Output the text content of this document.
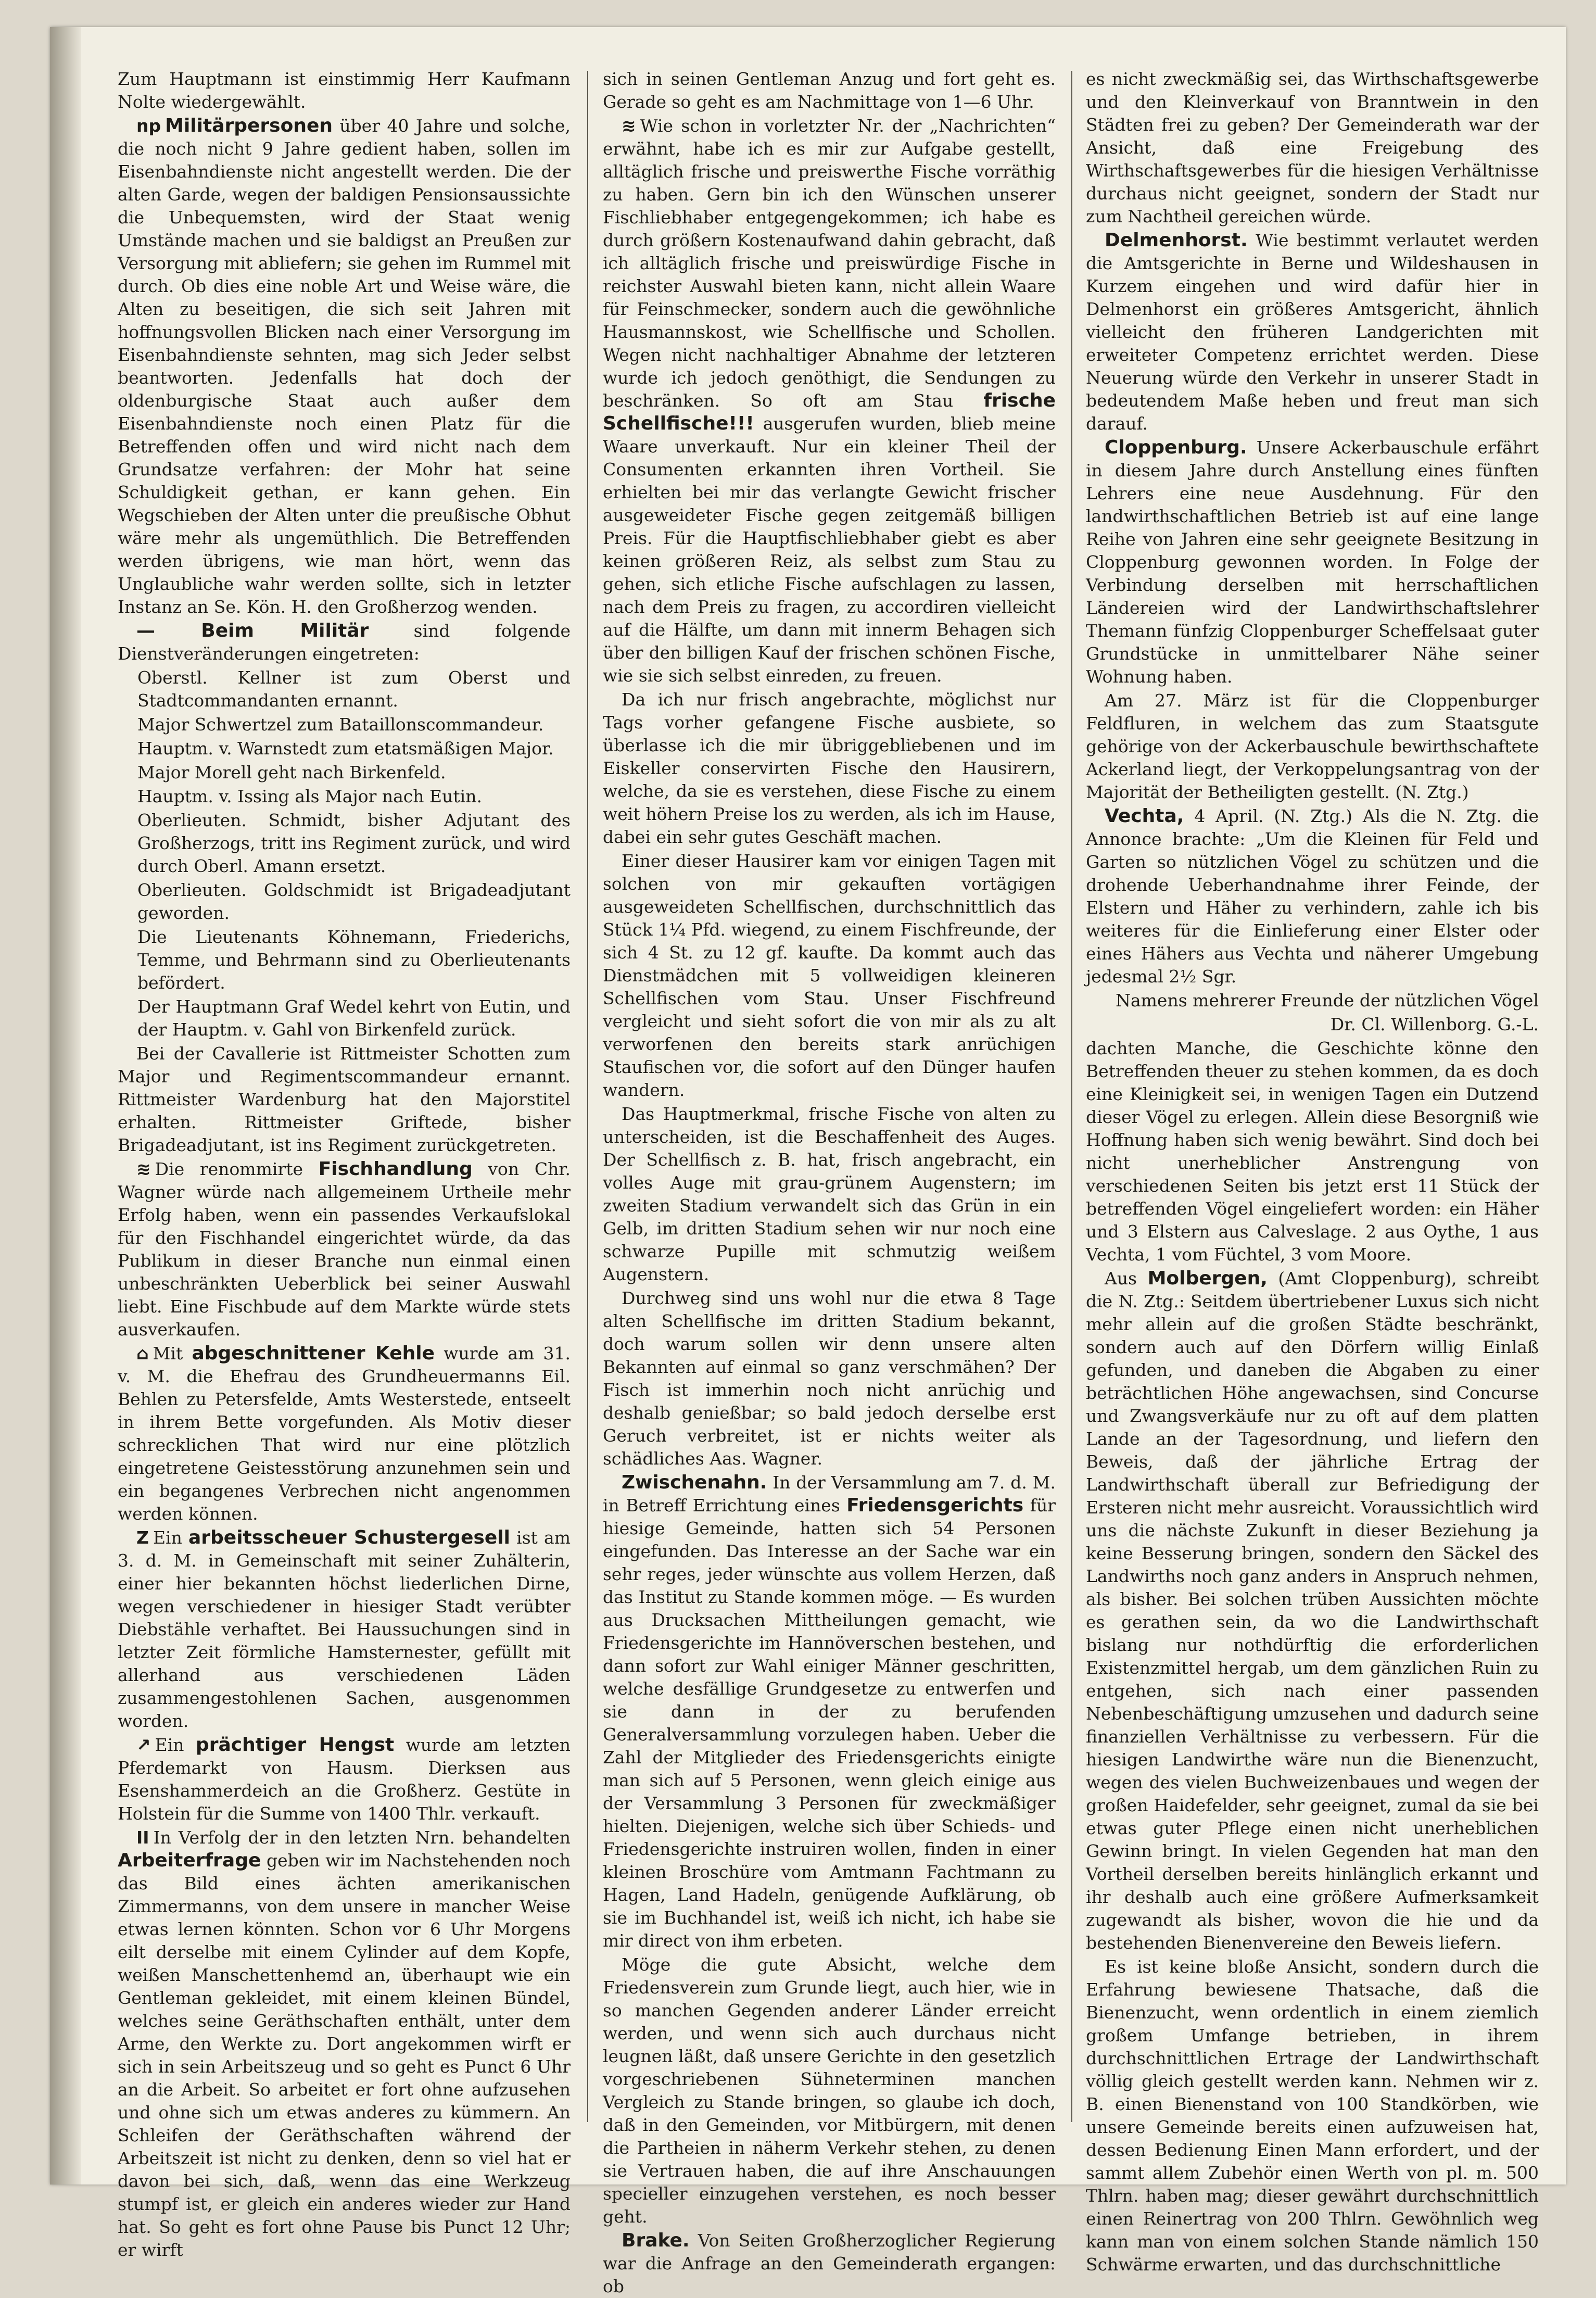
Zum Hauptmann ist einstimmig Herr Kaufmann Nolte wiedergewählt.

np Militärpersonen über 40 Jahre und solche, die noch nicht 9 Jahre gedient haben, sollen im Eisenbahndienste nicht angestellt werden. Die der alten Garde, wegen der baldigen Pensionsaussichte die Unbequemsten, wird der Staat wenig Umstände machen und sie baldigst an Preußen zur Versorgung mit abliefern; sie gehen im Rummel mit durch. Ob dies eine noble Art und Weise wäre, die Alten zu beseitigen, die sich seit Jahren mit hoffnungsvollen Blicken nach einer Versorgung im Eisenbahndienste sehnten, mag sich Jeder selbst beantworten. Jedenfalls hat doch der oldenburgische Staat auch außer dem Eisenbahndienste noch einen Platz für die Betreffenden offen und wird nicht nach dem Grundsatze verfahren: der Mohr hat seine Schuldigkeit gethan, er kann gehen. Ein Wegschieben der Alten unter die preußische Obhut wäre mehr als ungemüthlich. Die Betreffenden werden übrigens, wie man hört, wenn das Unglaubliche wahr werden sollte, sich in letzter Instanz an Se. Kön. H. den Großherzog wenden.

— Beim Militär sind folgende Dienstveränderungen eingetreten:

Oberstl. Kellner ist zum Oberst und Stadtcommandanten ernannt.

Major Schwertzel zum Bataillonscommandeur.

Hauptm. v. Warnstedt zum etatsmäßigen Major.

Major Morell geht nach Birkenfeld.

Hauptm. v. Issing als Major nach Eutin.

Oberlieuten. Schmidt, bisher Adjutant des Großherzogs, tritt ins Regiment zurück, und wird durch Oberl. Amann ersetzt.

Oberlieuten. Goldschmidt ist Brigadeadjutant geworden.

Die Lieutenants Köhnemann, Friederichs, Temme, und Behrmann sind zu Oberlieutenants befördert.

Der Hauptmann Graf Wedel kehrt von Eutin, und der Hauptm. v. Gahl von Birkenfeld zurück.

Bei der Cavallerie ist Rittmeister Schotten zum Major und Regimentscommandeur ernannt. Rittmeister Wardenburg hat den Majorstitel erhalten. Rittmeister Griftede, bisher Brigadeadjutant, ist ins Regiment zurückgetreten.

≋ Die renommirte Fischhandlung von Chr. Wagner würde nach allgemeinem Urtheile mehr Erfolg haben, wenn ein passendes Verkaufslokal für den Fischhandel eingerichtet würde, da das Publikum in dieser Branche nun einmal einen unbeschränkten Ueberblick bei seiner Auswahl liebt. Eine Fischbude auf dem Markte würde stets ausverkaufen.

⌂ Mit abgeschnittener Kehle wurde am 31. v. M. die Ehefrau des Grundheuermanns Eil. Behlen zu Petersfelde, Amts Westerstede, entseelt in ihrem Bette vorgefunden. Als Motiv dieser schrecklichen That wird nur eine plötzlich eingetretene Geistesstörung anzunehmen sein und ein begangenes Verbrechen nicht angenommen werden können.

Z Ein arbeitsscheuer Schustergesell ist am 3. d. M. in Gemeinschaft mit seiner Zuhälterin, einer hier bekannten höchst liederlichen Dirne, wegen verschiedener in hiesiger Stadt verübter Diebstähle verhaftet. Bei Haussuchungen sind in letzter Zeit förmliche Hamsternester, gefüllt mit allerhand aus verschiedenen Läden zusammengestohlenen Sachen, ausgenommen worden.

↗ Ein prächtiger Hengst wurde am letzten Pferdemarkt von Hausm. Dierksen aus Esenshammerdeich an die Großherz. Gestüte in Holstein für die Summe von 1400 Thlr. verkauft.

II In Verfolg der in den letzten Nrn. behandelten Arbeiterfrage geben wir im Nachstehenden noch das Bild eines ächten amerikanischen Zimmermanns, von dem unsere in mancher Weise etwas lernen könnten. Schon vor 6 Uhr Morgens eilt derselbe mit einem Cylinder auf dem Kopfe, weißen Manschettenhemd an, überhaupt wie ein Gentleman gekleidet, mit einem kleinen Bündel, welches seine Geräthschaften enthält, unter dem Arme, den Werkte zu. Dort angekommen wirft er sich in sein Arbeitszeug und so geht es Punct 6 Uhr an die Arbeit. So arbeitet er fort ohne aufzusehen und ohne sich um etwas anderes zu kümmern. An Schleifen der Geräthschaften während der Arbeitszeit ist nicht zu denken, denn so viel hat er davon bei sich, daß, wenn das eine Werkzeug stumpf ist, er gleich ein anderes wieder zur Hand hat. So geht es fort ohne Pause bis Punct 12 Uhr; er wirft

sich in seinen Gentleman Anzug und fort geht es. Gerade so geht es am Nachmittage von 1—6 Uhr.

≋ Wie schon in vorletzter Nr. der „Nachrichten“ erwähnt, habe ich es mir zur Aufgabe gestellt, alltäglich frische und preiswerthe Fische vorräthig zu haben. Gern bin ich den Wünschen unserer Fischliebhaber entgegengekommen; ich habe es durch größern Kostenaufwand dahin gebracht, daß ich alltäglich frische und preiswürdige Fische in reichster Auswahl bieten kann, nicht allein Waare für Feinschmecker, sondern auch die gewöhnliche Hausmannskost, wie Schellfische und Schollen. Wegen nicht nachhaltiger Abnahme der letzteren wurde ich jedoch genöthigt, die Sendungen zu beschränken. So oft am Stau frische Schellfische!!! ausgerufen wurden, blieb meine Waare unverkauft. Nur ein kleiner Theil der Consumenten erkannten ihren Vortheil. Sie erhielten bei mir das verlangte Gewicht frischer ausgeweideter Fische gegen zeitgemäß billigen Preis. Für die Hauptfischliebhaber giebt es aber keinen größeren Reiz, als selbst zum Stau zu gehen, sich etliche Fische aufschlagen zu lassen, nach dem Preis zu fragen, zu accordiren vielleicht auf die Hälfte, um dann mit innerm Behagen sich über den billigen Kauf der frischen schönen Fische, wie sie sich selbst einreden, zu freuen.

Da ich nur frisch angebrachte, möglichst nur Tags vorher gefangene Fische ausbiete, so überlasse ich die mir übriggebliebenen und im Eiskeller conservirten Fische den Hausirern, welche, da sie es verstehen, diese Fische zu einem weit höhern Preise los zu werden, als ich im Hause, dabei ein sehr gutes Geschäft machen.

Einer dieser Hausirer kam vor einigen Tagen mit solchen von mir gekauften vortägigen ausgeweideten Schellfischen, durchschnittlich das Stück 1¼ Pfd. wiegend, zu einem Fischfreunde, der sich 4 St. zu 12 gf. kaufte. Da kommt auch das Dienstmädchen mit 5 vollweidigen kleineren Schellfischen vom Stau. Unser Fischfreund vergleicht und sieht sofort die von mir als zu alt verworfenen den bereits stark anrüchigen Staufischen vor, die sofort auf den Dünger haufen wandern.

Das Hauptmerkmal, frische Fische von alten zu unterscheiden, ist die Beschaffenheit des Auges. Der Schellfisch z. B. hat, frisch angebracht, ein volles Auge mit grau-grünem Augenstern; im zweiten Stadium verwandelt sich das Grün in ein Gelb, im dritten Stadium sehen wir nur noch eine schwarze Pupille mit schmutzig weißem Augenstern.

Durchweg sind uns wohl nur die etwa 8 Tage alten Schellfische im dritten Stadium bekannt, doch warum sollen wir denn unsere alten Bekannten auf einmal so ganz verschmähen? Der Fisch ist immerhin noch nicht anrüchig und deshalb genießbar; so bald jedoch derselbe erst Geruch verbreitet, ist er nichts weiter als schädliches Aas. Wagner.

Zwischenahn. In der Versammlung am 7. d. M. in Betreff Errichtung eines Friedensgerichts für hiesige Gemeinde, hatten sich 54 Personen eingefunden. Das Interesse an der Sache war ein sehr reges, jeder wünschte aus vollem Herzen, daß das Institut zu Stande kommen möge. — Es wurden aus Drucksachen Mittheilungen gemacht, wie Friedensgerichte im Hannöverschen bestehen, und dann sofort zur Wahl einiger Männer geschritten, welche desfällige Grundgesetze zu entwerfen und sie dann in der zu berufenden Generalversammlung vorzulegen haben. Ueber die Zahl der Mitglieder des Friedensgerichts einigte man sich auf 5 Personen, wenn gleich einige aus der Versammlung 3 Personen für zweckmäßiger hielten. Diejenigen, welche sich über Schieds- und Friedensgerichte instruiren wollen, finden in einer kleinen Broschüre vom Amtmann Fachtmann zu Hagen, Land Hadeln, genügende Aufklärung, ob sie im Buchhandel ist, weiß ich nicht, ich habe sie mir direct von ihm erbeten.

Möge die gute Absicht, welche dem Friedensverein zum Grunde liegt, auch hier, wie in so manchen Gegenden anderer Länder erreicht werden, und wenn sich auch durchaus nicht leugnen läßt, daß unsere Gerichte in den gesetzlich vorgeschriebenen Sühneterminen manchen Vergleich zu Stande bringen, so glaube ich doch, daß in den Gemeinden, vor Mitbürgern, mit denen die Partheien in näherm Verkehr stehen, zu denen sie Vertrauen haben, die auf ihre Anschauungen specieller einzugehen verstehen, es noch besser geht.

Brake. Von Seiten Großherzoglicher Regierung war die Anfrage an den Gemeinderath ergangen: ob

es nicht zweckmäßig sei, das Wirthschaftsgewerbe und den Kleinverkauf von Branntwein in den Städten frei zu geben? Der Gemeinderath war der Ansicht, daß eine Freigebung des Wirthschaftsgewerbes für die hiesigen Verhältnisse durchaus nicht geeignet, sondern der Stadt nur zum Nachtheil gereichen würde.

Delmenhorst. Wie bestimmt verlautet werden die Amtsgerichte in Berne und Wildeshausen in Kurzem eingehen und wird dafür hier in Delmenhorst ein größeres Amtsgericht, ähnlich vielleicht den früheren Landgerichten mit erweiteter Competenz errichtet werden. Diese Neuerung würde den Verkehr in unserer Stadt in bedeutendem Maße heben und freut man sich darauf.

Cloppenburg. Unsere Ackerbauschule erfährt in diesem Jahre durch Anstellung eines fünften Lehrers eine neue Ausdehnung. Für den landwirthschaftlichen Betrieb ist auf eine lange Reihe von Jahren eine sehr geeignete Besitzung in Cloppenburg gewonnen worden. In Folge der Verbindung derselben mit herrschaftlichen Ländereien wird der Landwirthschaftslehrer Themann fünfzig Cloppenburger Scheffelsaat guter Grundstücke in unmittelbarer Nähe seiner Wohnung haben.

Am 27. März ist für die Cloppenburger Feldfluren, in welchem das zum Staatsgute gehörige von der Ackerbauschule bewirthschaftete Ackerland liegt, der Verkoppelungsantrag von der Majorität der Betheiligten gestellt. (N. Ztg.)

Vechta, 4 April. (N. Ztg.) Als die N. Ztg. die Annonce brachte: „Um die Kleinen für Feld und Garten so nützlichen Vögel zu schützen und die drohende Ueberhandnahme ihrer Feinde, der Elstern und Häher zu verhindern, zahle ich bis weiteres für die Einlieferung einer Elster oder eines Hähers aus Vechta und näherer Umgebung jedesmal 2½ Sgr.

Namens mehrerer Freunde der nützlichen Vögel

Dr. Cl. Willenborg. G.-L.

dachten Manche, die Geschichte könne den Betreffenden theuer zu stehen kommen, da es doch eine Kleinigkeit sei, in wenigen Tagen ein Dutzend dieser Vögel zu erlegen. Allein diese Besorgniß wie Hoffnung haben sich wenig bewährt. Sind doch bei nicht unerheblicher Anstrengung von verschiedenen Seiten bis jetzt erst 11 Stück der betreffenden Vögel eingeliefert worden: ein Häher und 3 Elstern aus Calveslage. 2 aus Oythe, 1 aus Vechta, 1 vom Füchtel, 3 vom Moore.

Aus Molbergen, (Amt Cloppenburg), schreibt die N. Ztg.: Seitdem übertriebener Luxus sich nicht mehr allein auf die großen Städte beschränkt, sondern auch auf den Dörfern willig Einlaß gefunden, und daneben die Abgaben zu einer beträchtlichen Höhe angewachsen, sind Concurse und Zwangsverkäufe nur zu oft auf dem platten Lande an der Tagesordnung, und liefern den Beweis, daß der jährliche Ertrag der Landwirthschaft überall zur Befriedigung der Ersteren nicht mehr ausreicht. Voraussichtlich wird uns die nächste Zukunft in dieser Beziehung ja keine Besserung bringen, sondern den Säckel des Landwirths noch ganz anders in Anspruch nehmen, als bisher. Bei solchen trüben Aussichten möchte es gerathen sein, da wo die Landwirthschaft bislang nur nothdürftig die erforderlichen Existenzmittel hergab, um dem gänzlichen Ruin zu entgehen, sich nach einer passenden Nebenbeschäftigung umzusehen und dadurch seine finanziellen Verhältnisse zu verbessern. Für die hiesigen Landwirthe wäre nun die Bienenzucht, wegen des vielen Buchweizenbaues und wegen der großen Haidefelder, sehr geeignet, zumal da sie bei etwas guter Pflege einen nicht unerheblichen Gewinn bringt. In vielen Gegenden hat man den Vortheil derselben bereits hinlänglich erkannt und ihr deshalb auch eine größere Aufmerksamkeit zugewandt als bisher, wovon die hie und da bestehenden Bienenvereine den Beweis liefern.

Es ist keine bloße Ansicht, sondern durch die Erfahrung bewiesene Thatsache, daß die Bienenzucht, wenn ordentlich in einem ziemlich großem Umfange betrieben, in ihrem durchschnittlichen Ertrage der Landwirthschaft völlig gleich gestellt werden kann. Nehmen wir z. B. einen Bienenstand von 100 Standkörben, wie unsere Gemeinde bereits einen aufzuweisen hat, dessen Bedienung Einen Mann erfordert, und der sammt allem Zubehör einen Werth von pl. m. 500 Thlrn. haben mag; dieser gewährt durchschnittlich einen Reinertrag von 200 Thlrn. Gewöhnlich weg kann man von einem solchen Stande nämlich 150 Schwärme erwarten, und das durchschnittliche
